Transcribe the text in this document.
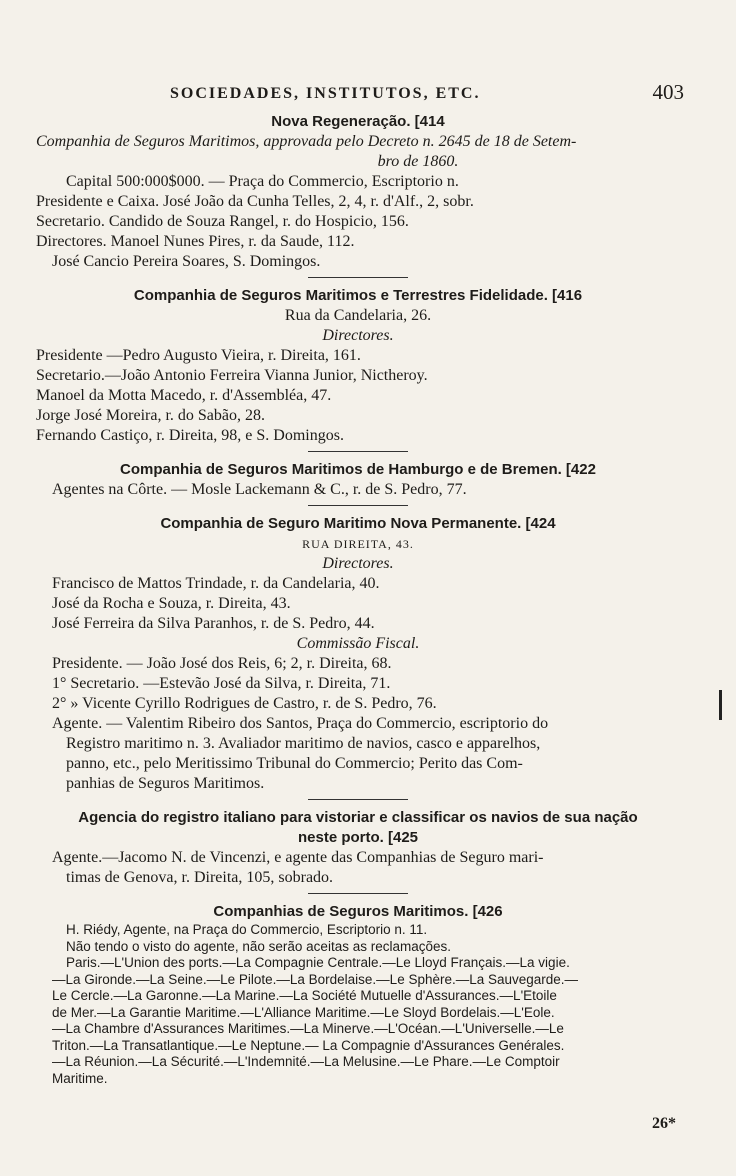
SOCIEDADES, INSTITUTOS, ETC.	403
Nova Regeneração. [414
Companhia de Seguros Maritimos, approvada pelo Decreto n. 2645 de 18 de Setem-
bro de 1860.
Capital 500:000$000. — Praça do Commercio, Escriptorio n.
Presidente e Caixa. José João da Cunha Telles, 2, 4, r. d'Alf., 2, sobr.
Secretario. Candido de Souza Rangel, r. do Hospicio, 156.
Directores. Manoel Nunes Pires, r. da Saude, 112.
José Cancio Pereira Soares, S. Domingos.
Companhia de Seguros Maritimos e Terrestres Fidelidade. [416
Rua da Candelaria, 26.
Directores.
Presidente —Pedro Augusto Vieira, r. Direita, 161.
Secretario.—João Antonio Ferreira Vianna Junior, Nictheroy.
Manoel da Motta Macedo, r. d'Assembléa, 47.
Jorge José Moreira, r. do Sabão, 28.
Fernando Castiço, r. Direita, 98, e S. Domingos.
Companhia de Seguros Maritimos de Hamburgo e de Bremen. [422
Agentes na Côrte. — Mosle Lackemann & C., r. de S. Pedro, 77.
Companhia de Seguro Maritimo Nova Permanente. [424
RUA DIREITA, 43.
Directores.
Francisco de Mattos Trindade, r. da Candelaria, 40.
José da Rocha e Souza, r. Direita, 43.
José Ferreira da Silva Paranhos, r. de S. Pedro, 44.
Commissão Fiscal.
Presidente. — João José dos Reis, 6; 2, r. Direita, 68.
1° Secretario. —Estevão José da Silva, r. Direita, 71.
2° » Vicente Cyrillo Rodrigues de Castro, r. de S. Pedro, 76.
Agente. — Valentim Ribeiro dos Santos, Praça do Commercio, escriptorio do
Registro maritimo n. 3. Avaliador maritimo de navios, casco e apparelhos,
panno, etc., pelo Meritissimo Tribunal do Commercio; Perito das Com-
panhias de Seguros Maritimos.
Agencia do registro italiano para vistoriar e classificar os navios de sua nação
neste porto. [425
Agente.—Jacomo N. de Vincenzi, e agente das Companhias de Seguro mari-
timas de Genova, r. Direita, 105, sobrado.
Companhias de Seguros Maritimos. [426
H. Riédy, Agente, na Praça do Commercio, Escriptorio n. 11.
Não tendo o visto do agente, não serão aceitas as reclamações.
Paris.—L'Union des ports.—La Compagnie Centrale.—Le Lloyd Français.—La vigie.
—La Gironde.—La Seine.—Le Pilote.—La Bordelaise.—Le Sphère.—La Sauvegarde.—
Le Cercle.—La Garonne.—La Marine.—La Société Mutuelle d'Assurances.—L'Etoile
de Mer.—La Garantie Maritime.—L'Alliance Maritime.—Le Sloyd Bordelais.—L'Eole.
—La Chambre d'Assurances Maritimes.—La Minerve.—L'Océan.—L'Universelle.—Le
Triton.—La Transatlantique.—Le Neptune.— La Compagnie d'Assurances Genérales.
—La Réunion.—La Sécurité.—L'Indemnité.—La Melusine.—Le Phare.—Le Comptoir
Maritime.
26*
